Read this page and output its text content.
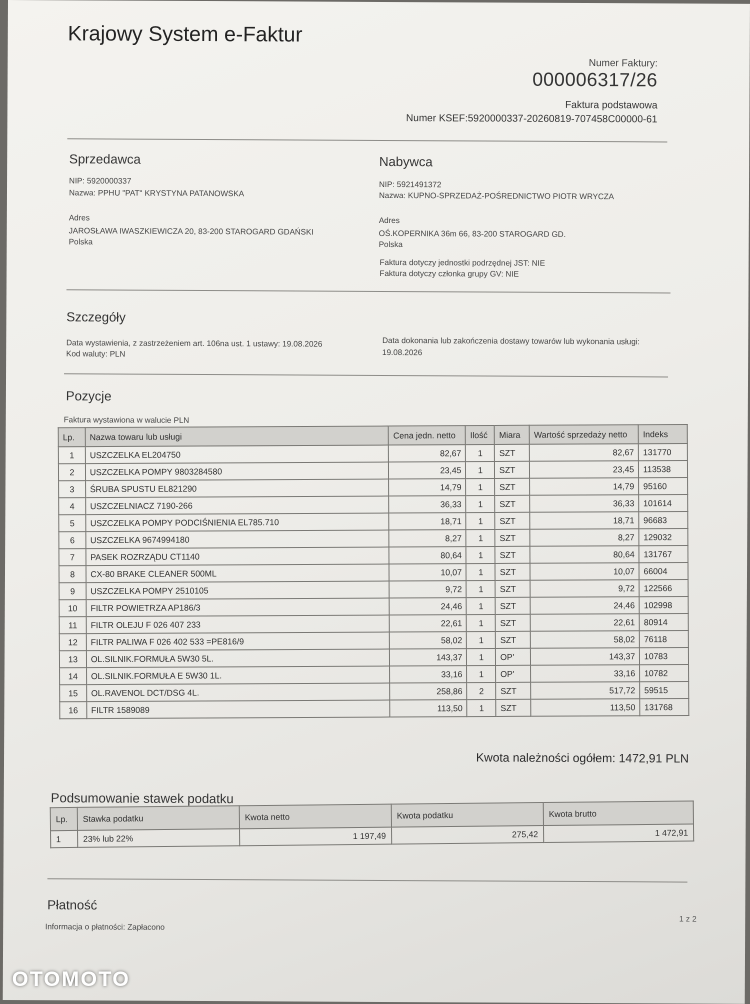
Krajowy System e-Faktur
Numer Faktury:
000006317/26
Faktura podstawowa
Numer KSEF:5920000337-20260819-707458C00000-61
Sprzedawca
NIP: 5920000337
Nazwa: PPHU "PAT" KRYSTYNA PATANOWSKA
Adres
JAROSŁAWA IWASZKIEWICZA 20, 83-200 STAROGARD GDAŃSKI
Polska
Nabywca
NIP: 5921491372
Nazwa: KUPNO-SPRZEDAŻ-POŚREDNICTWO PIOTR WRYCZA
Adres
OŚ.KOPERNIKA 36m 66, 83-200 STAROGARD GD.
Polska
Faktura dotyczy jednostki podrzędnej JST: NIE
Faktura dotyczy członka grupy GV: NIE
Szczegóły
Data wystawienia, z zastrzeżeniem art. 106na ust. 1 ustawy: 19.08.2026
Kod waluty: PLN
Data dokonania lub zakończenia dostawy towarów lub wykonania usługi:
19.08.2026
Pozycje
Faktura wystawiona w walucie PLN
Lp.	Nazwa towaru lub usługi	Cena jedn. netto	Ilość	Miara	Wartość sprzedaży netto	Indeks
1	USZCZELKA EL204750	82,67	1	SZT	82,67	131770
2	USZCZELKA POMPY 9803284580	23,45	1	SZT	23,45	113538
3	ŚRUBA SPUSTU EL821290	14,79	1	SZT	14,79	95160
4	USZCZELNIACZ 7190-266	36,33	1	SZT	36,33	101614
5	USZCZELKA POMPY PODCIŚNIENIA EL785.710	18,71	1	SZT	18,71	96683
6	USZCZELKA 9674994180	8,27	1	SZT	8,27	129032
7	PASEK ROZRZĄDU CT1140	80,64	1	SZT	80,64	131767
8	CX-80 BRAKE CLEANER 500ML	10,07	1	SZT	10,07	66004
9	USZCZELKA POMPY 2510105	9,72	1	SZT	9,72	122566
10	FILTR POWIETRZA AP186/3	24,46	1	SZT	24,46	102998
11	FILTR OLEJU F 026 407 233	22,61	1	SZT	22,61	80914
12	FILTR PALIWA F 026 402 533 =PE816/9	58,02	1	SZT	58,02	76118
13	OL.SILNIK.FORMUŁA 5W30 5L.	143,37	1	OP'	143,37	10783
14	OL.SILNIK.FORMUŁA E 5W30 1L.	33,16	1	OP'	33,16	10782
15	OL.RAVENOL DCT/DSG 4L.	258,86	2	SZT	517,72	59515
16	FILTR 1589089	113,50	1	SZT	113,50	131768
Kwota należności ogółem: 1472,91 PLN
Podsumowanie stawek podatku
Lp.	Stawka podatku	Kwota netto	Kwota podatku	Kwota brutto
1	23% lub 22%	1 197,49	275,42	1 472,91
Płatność
Informacja o płatności: Zapłacono
1 z 2
OTOMOTO
